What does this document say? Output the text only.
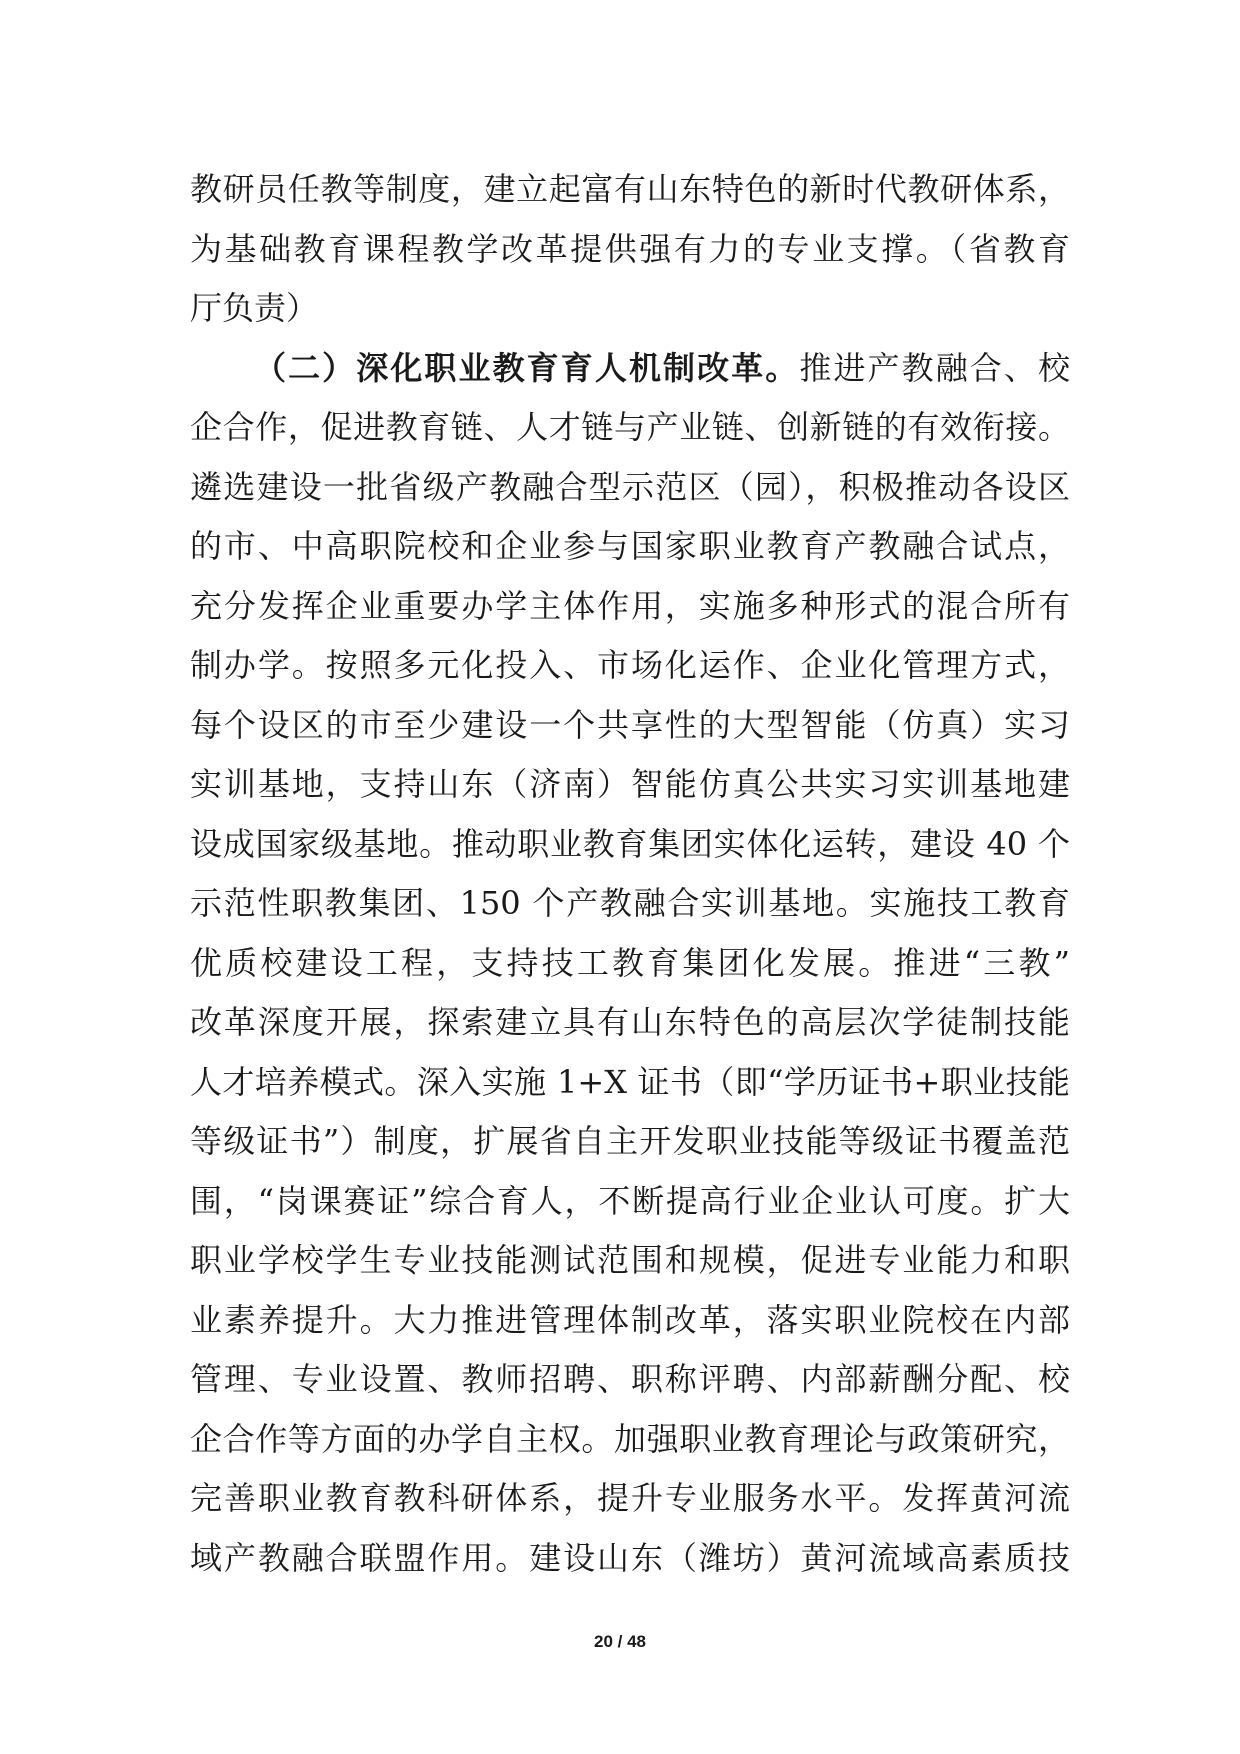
教研员任教等制度，建立起富有山东特色的新时代教研体系，
为基础教育课程教学改革提供强有力的专业支撑。（省教育
厅负责）
（二）深化职业教育育人机制改革。推进产教融合、校
企合作，促进教育链、人才链与产业链、创新链的有效衔接。
遴选建设一批省级产教融合型示范区（园），积极推动各设区
的市、中高职院校和企业参与国家职业教育产教融合试点，
充分发挥企业重要办学主体作用，实施多种形式的混合所有
制办学。按照多元化投入、市场化运作、企业化管理方式，
每个设区的市至少建设一个共享性的大型智能（仿真）实习
实训基地，支持山东（济南）智能仿真公共实习实训基地建
设成国家级基地。推动职业教育集团实体化运转，建设 40 个
示范性职教集团、150 个产教融合实训基地。实施技工教育
优质校建设工程，支持技工教育集团化发展。推进“三教”
改革深度开展，探索建立具有山东特色的高层次学徒制技能
人才培养模式。深入实施 1+X 证书（即“学历证书+职业技能
等级证书”）制度，扩展省自主开发职业技能等级证书覆盖范
围，“岗课赛证”综合育人，不断提高行业企业认可度。扩大
职业学校学生专业技能测试范围和规模，促进专业能力和职
业素养提升。大力推进管理体制改革，落实职业院校在内部
管理、专业设置、教师招聘、职称评聘、内部薪酬分配、校
企合作等方面的办学自主权。加强职业教育理论与政策研究，
完善职业教育教科研体系，提升专业服务水平。发挥黄河流
域产教融合联盟作用。建设山东（潍坊）黄河流域高素质技
20 / 48
